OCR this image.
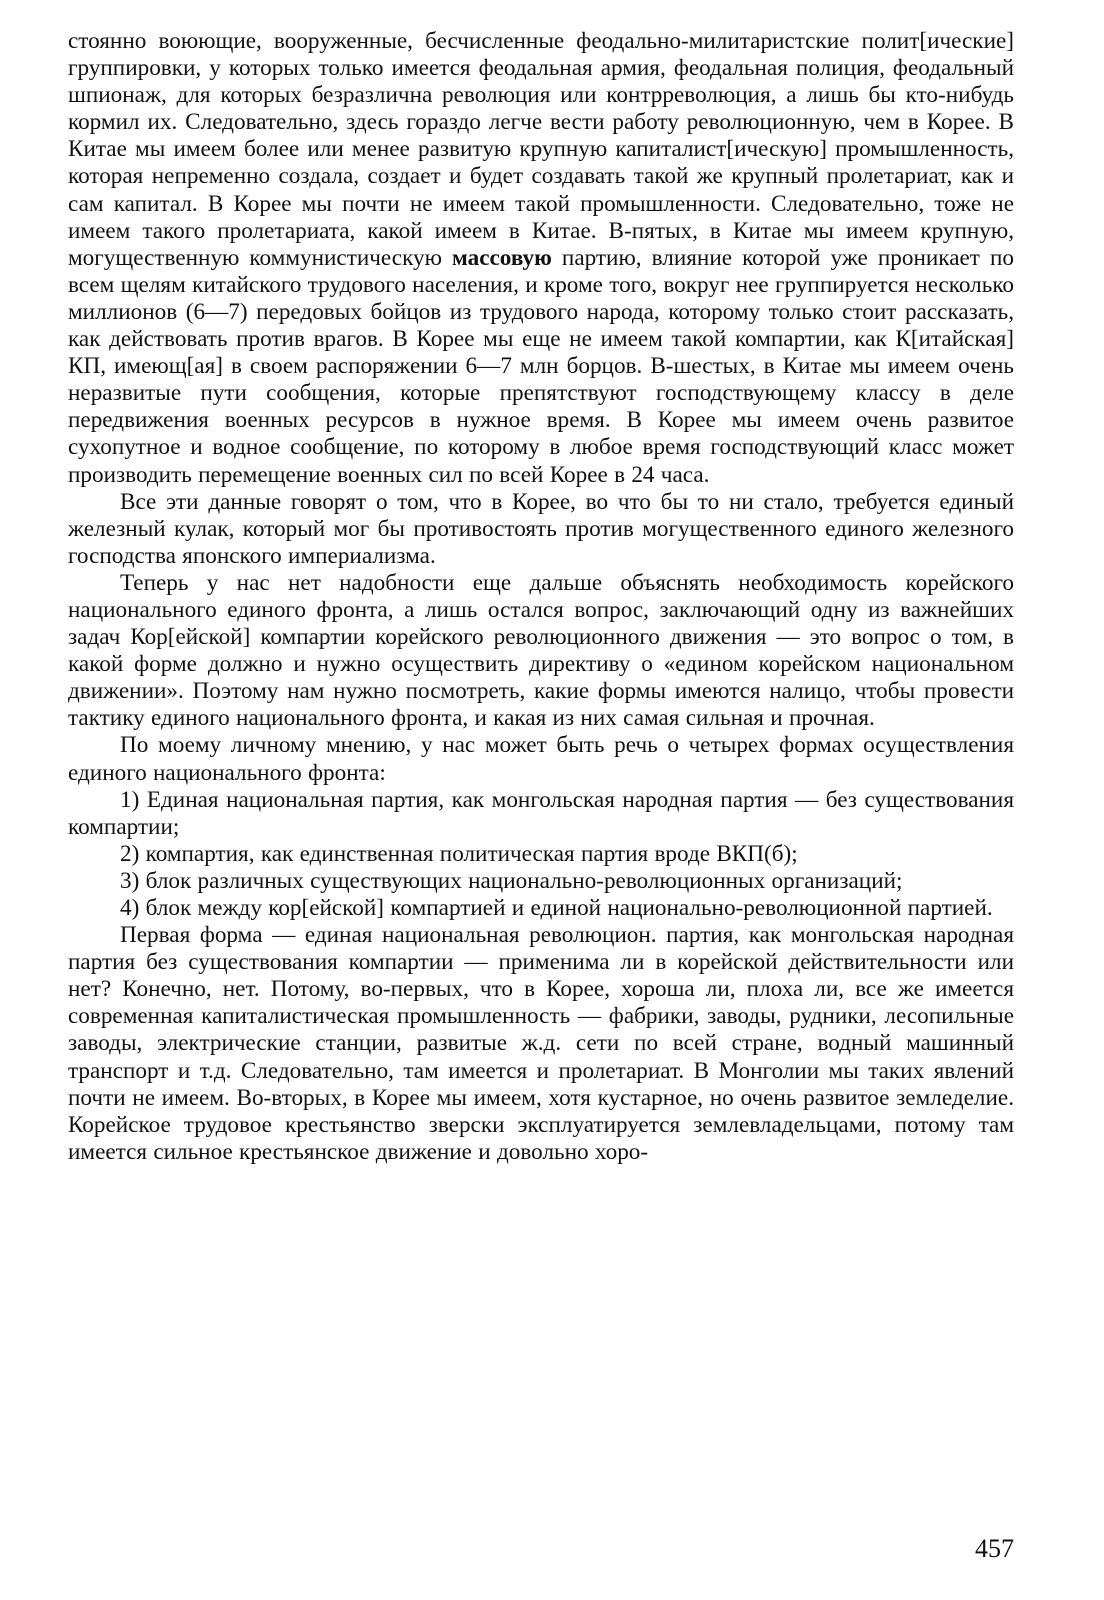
стоянно воюющие, вооруженные, бесчисленные феодально-милитаристские полит[ические] группировки, у которых только имеется феодальная армия, феодальная полиция, феодальный шпионаж, для которых безразлична революция или контрреволюция, а лишь бы кто-нибудь кормил их. Следовательно, здесь гораздо легче вести работу революционную, чем в Корее. В Китае мы имеем более или менее развитую крупную капиталист[ическую] промышленность, которая непременно создала, создает и будет создавать такой же крупный пролетариат, как и сам капитал. В Корее мы почти не имеем такой промышленности. Следовательно, тоже не имеем такого пролетариата, какой имеем в Китае. В-пятых, в Китае мы имеем крупную, могущественную коммунистическую массовую партию, влияние которой уже проникает по всем щелям китайского трудового населения, и кроме того, вокруг нее группируется несколько миллионов (6—7) передовых бойцов из трудового народа, которому только стоит рассказать, как действовать против врагов. В Корее мы еще не имеем такой компартии, как К[итайская] КП, имеющ[ая] в своем распоряжении 6—7 млн борцов. В-шестых, в Китае мы имеем очень неразвитые пути сообщения, которые препятствуют господствующему классу в деле передвижения военных ресурсов в нужное время. В Корее мы имеем очень развитое сухопутное и водное сообщение, по которому в любое время господствующий класс может производить перемещение военных сил по всей Корее в 24 часа.

Все эти данные говорят о том, что в Корее, во что бы то ни стало, требуется единый железный кулак, который мог бы противостоять против могущественного единого железного господства японского империализма.

Теперь у нас нет надобности еще дальше объяснять необходимость корейского национального единого фронта, а лишь остался вопрос, заключающий одну из важнейших задач Кор[ейской] компартии корейского революционного движения — это вопрос о том, в какой форме должно и нужно осуществить директиву о «едином корейском национальном движении». Поэтому нам нужно посмотреть, какие формы имеются налицо, чтобы провести тактику единого национального фронта, и какая из них самая сильная и прочная.

По моему личному мнению, у нас может быть речь о четырех формах осуществления единого национального фронта:

1) Единая национальная партия, как монгольская народная партия — без существования компартии;

2) компартия, как единственная политическая партия вроде ВКП(б);

3) блок различных существующих национально-революционных организаций;

4) блок между кор[ейской] компартией и единой национально-революционной партией.

Первая форма — единая национальная революцион. партия, как монгольская народная партия без существования компартии — применима ли в корейской действительности или нет? Конечно, нет. Потому, во-первых, что в Корее, хороша ли, плоха ли, все же имеется современная капиталистическая промышленность — фабрики, заводы, рудники, лесопильные заводы, электрические станции, развитые ж.д. сети по всей стране, водный машинный транспорт и т.д. Следовательно, там имеется и пролетариат. В Монголии мы таких явлений почти не имеем. Во-вторых, в Корее мы имеем, хотя кустарное, но очень развитое земледелие. Корейское трудовое крестьянство зверски эксплуатируется землевладельцами, потому там имеется сильное крестьянское движение и довольно хоро-

457
